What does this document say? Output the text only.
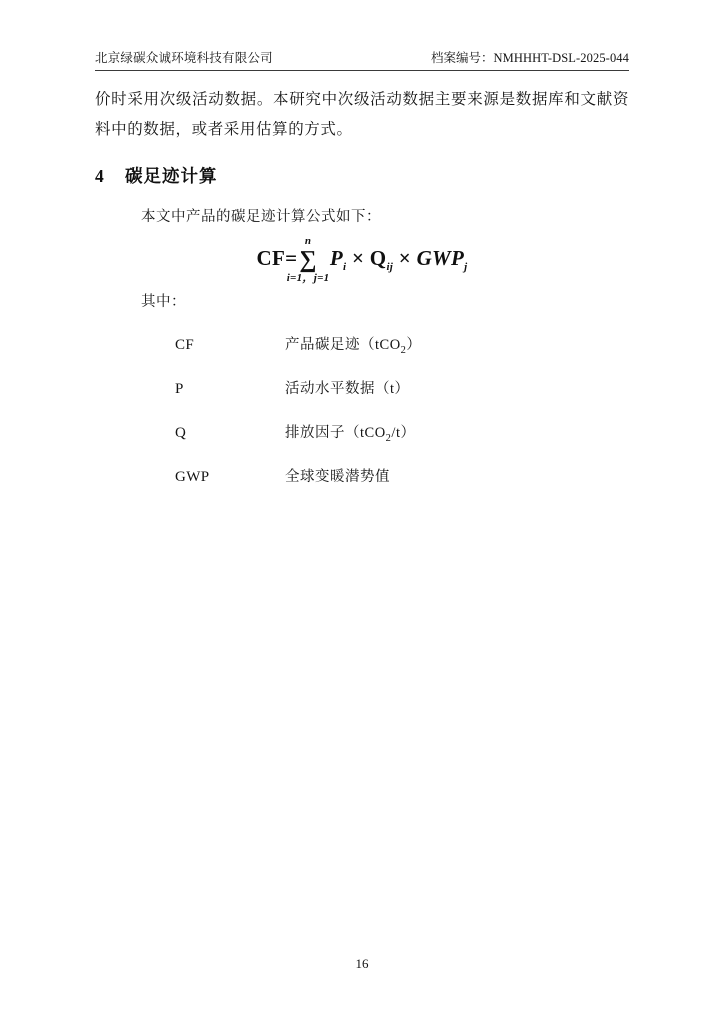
北京绿碳众诚环境科技有限公司	档案编号：NMHHHT-DSL-2025-044
价时采用次级活动数据。本研究中次级活动数据主要来源是数据库和文献资料中的数据，或者采用估算的方式。
4 碳足迹计算
本文中产品的碳足迹计算公式如下：
CF=
n
∑
i=1，j=1
$P_i \times Q_{ij} \times GWP_j$
其中：
CF	产品碳足迹（tCO$_2$）
P	活动水平数据（t）
Q	排放因子（tCO$_2$/t）
GWP	全球变暖潜势值
16
